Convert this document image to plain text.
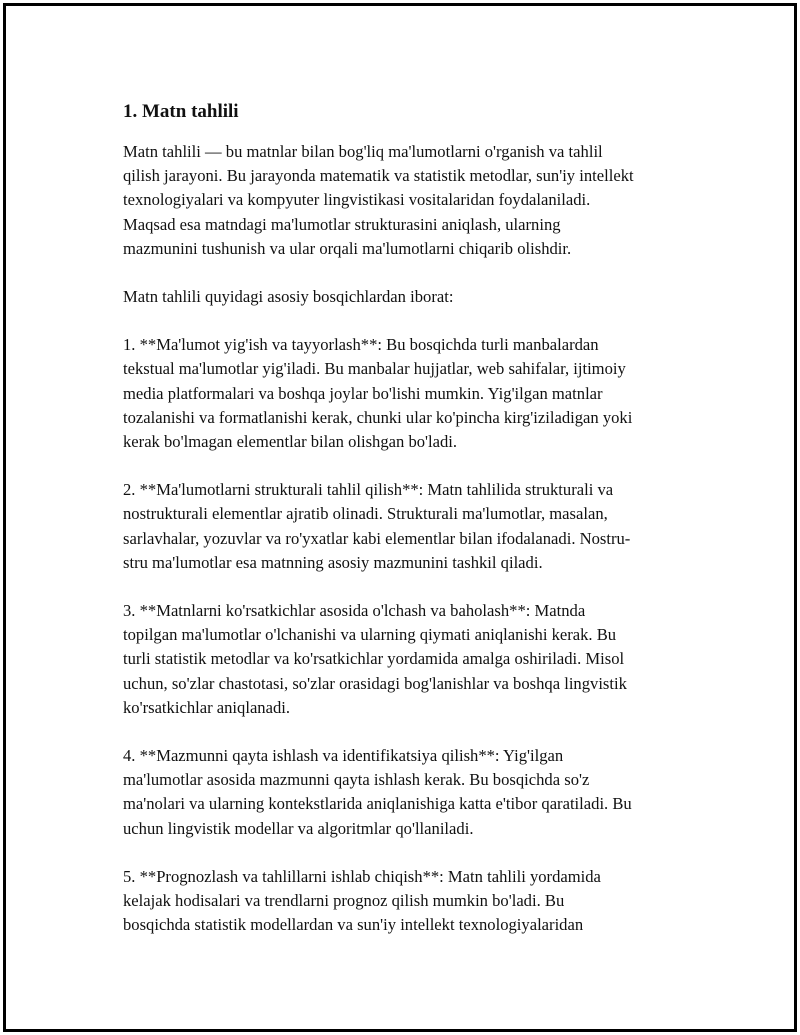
1. Matn tahlili
Matn tahlili — bu matnlar bilan bog'liq ma'lumotlarni o'rganish va tahlil
qilish jarayoni. Bu jarayonda matematik va statistik metodlar, sun'iy intellekt
texnologiyalari va kompyuter lingvistikasi vositalaridan foydalaniladi.
Maqsad esa matndagi ma'lumotlar strukturasini aniqlash, ularning
mazmunini tushunish va ular orqali ma'lumotlarni chiqarib olishdir.
Matn tahlili quyidagi asosiy bosqichlardan iborat:
1. **Ma'lumot yig'ish va tayyorlash**: Bu bosqichda turli manbalardan
tekstual ma'lumotlar yig'iladi. Bu manbalar hujjatlar, web sahifalar, ijtimoiy
media platformalari va boshqa joylar bo'lishi mumkin. Yig'ilgan matnlar
tozalanishi va formatlanishi kerak, chunki ular ko'pincha kirg'iziladigan yoki
kerak bo'lmagan elementlar bilan olishgan bo'ladi.
2. **Ma'lumotlarni strukturali tahlil qilish**: Matn tahlilida strukturali va
nostrukturali elementlar ajratib olinadi. Strukturali ma'lumotlar, masalan,
sarlavhalar, yozuvlar va ro'yxatlar kabi elementlar bilan ifodalanadi. Nostru-
stru ma'lumotlar esa matnning asosiy mazmunini tashkil qiladi.
3. **Matnlarni ko'rsatkichlar asosida o'lchash va baholash**: Matnda
topilgan ma'lumotlar o'lchanishi va ularning qiymati aniqlanishi kerak. Bu
turli statistik metodlar va ko'rsatkichlar yordamida amalga oshiriladi. Misol
uchun, so'zlar chastotasi, so'zlar orasidagi bog'lanishlar va boshqa lingvistik
ko'rsatkichlar aniqlanadi.
4. **Mazmunni qayta ishlash va identifikatsiya qilish**: Yig'ilgan
ma'lumotlar asosida mazmunni qayta ishlash kerak. Bu bosqichda so'z
ma'nolari va ularning kontekstlarida aniqlanishiga katta e'tibor qaratiladi. Bu
uchun lingvistik modellar va algoritmlar qo'llaniladi.
5. **Prognozlash va tahlillarni ishlab chiqish**: Matn tahlili yordamida
kelajak hodisalari va trendlarni prognoz qilish mumkin bo'ladi. Bu
bosqichda statistik modellardan va sun'iy intellekt texnologiyalaridan
